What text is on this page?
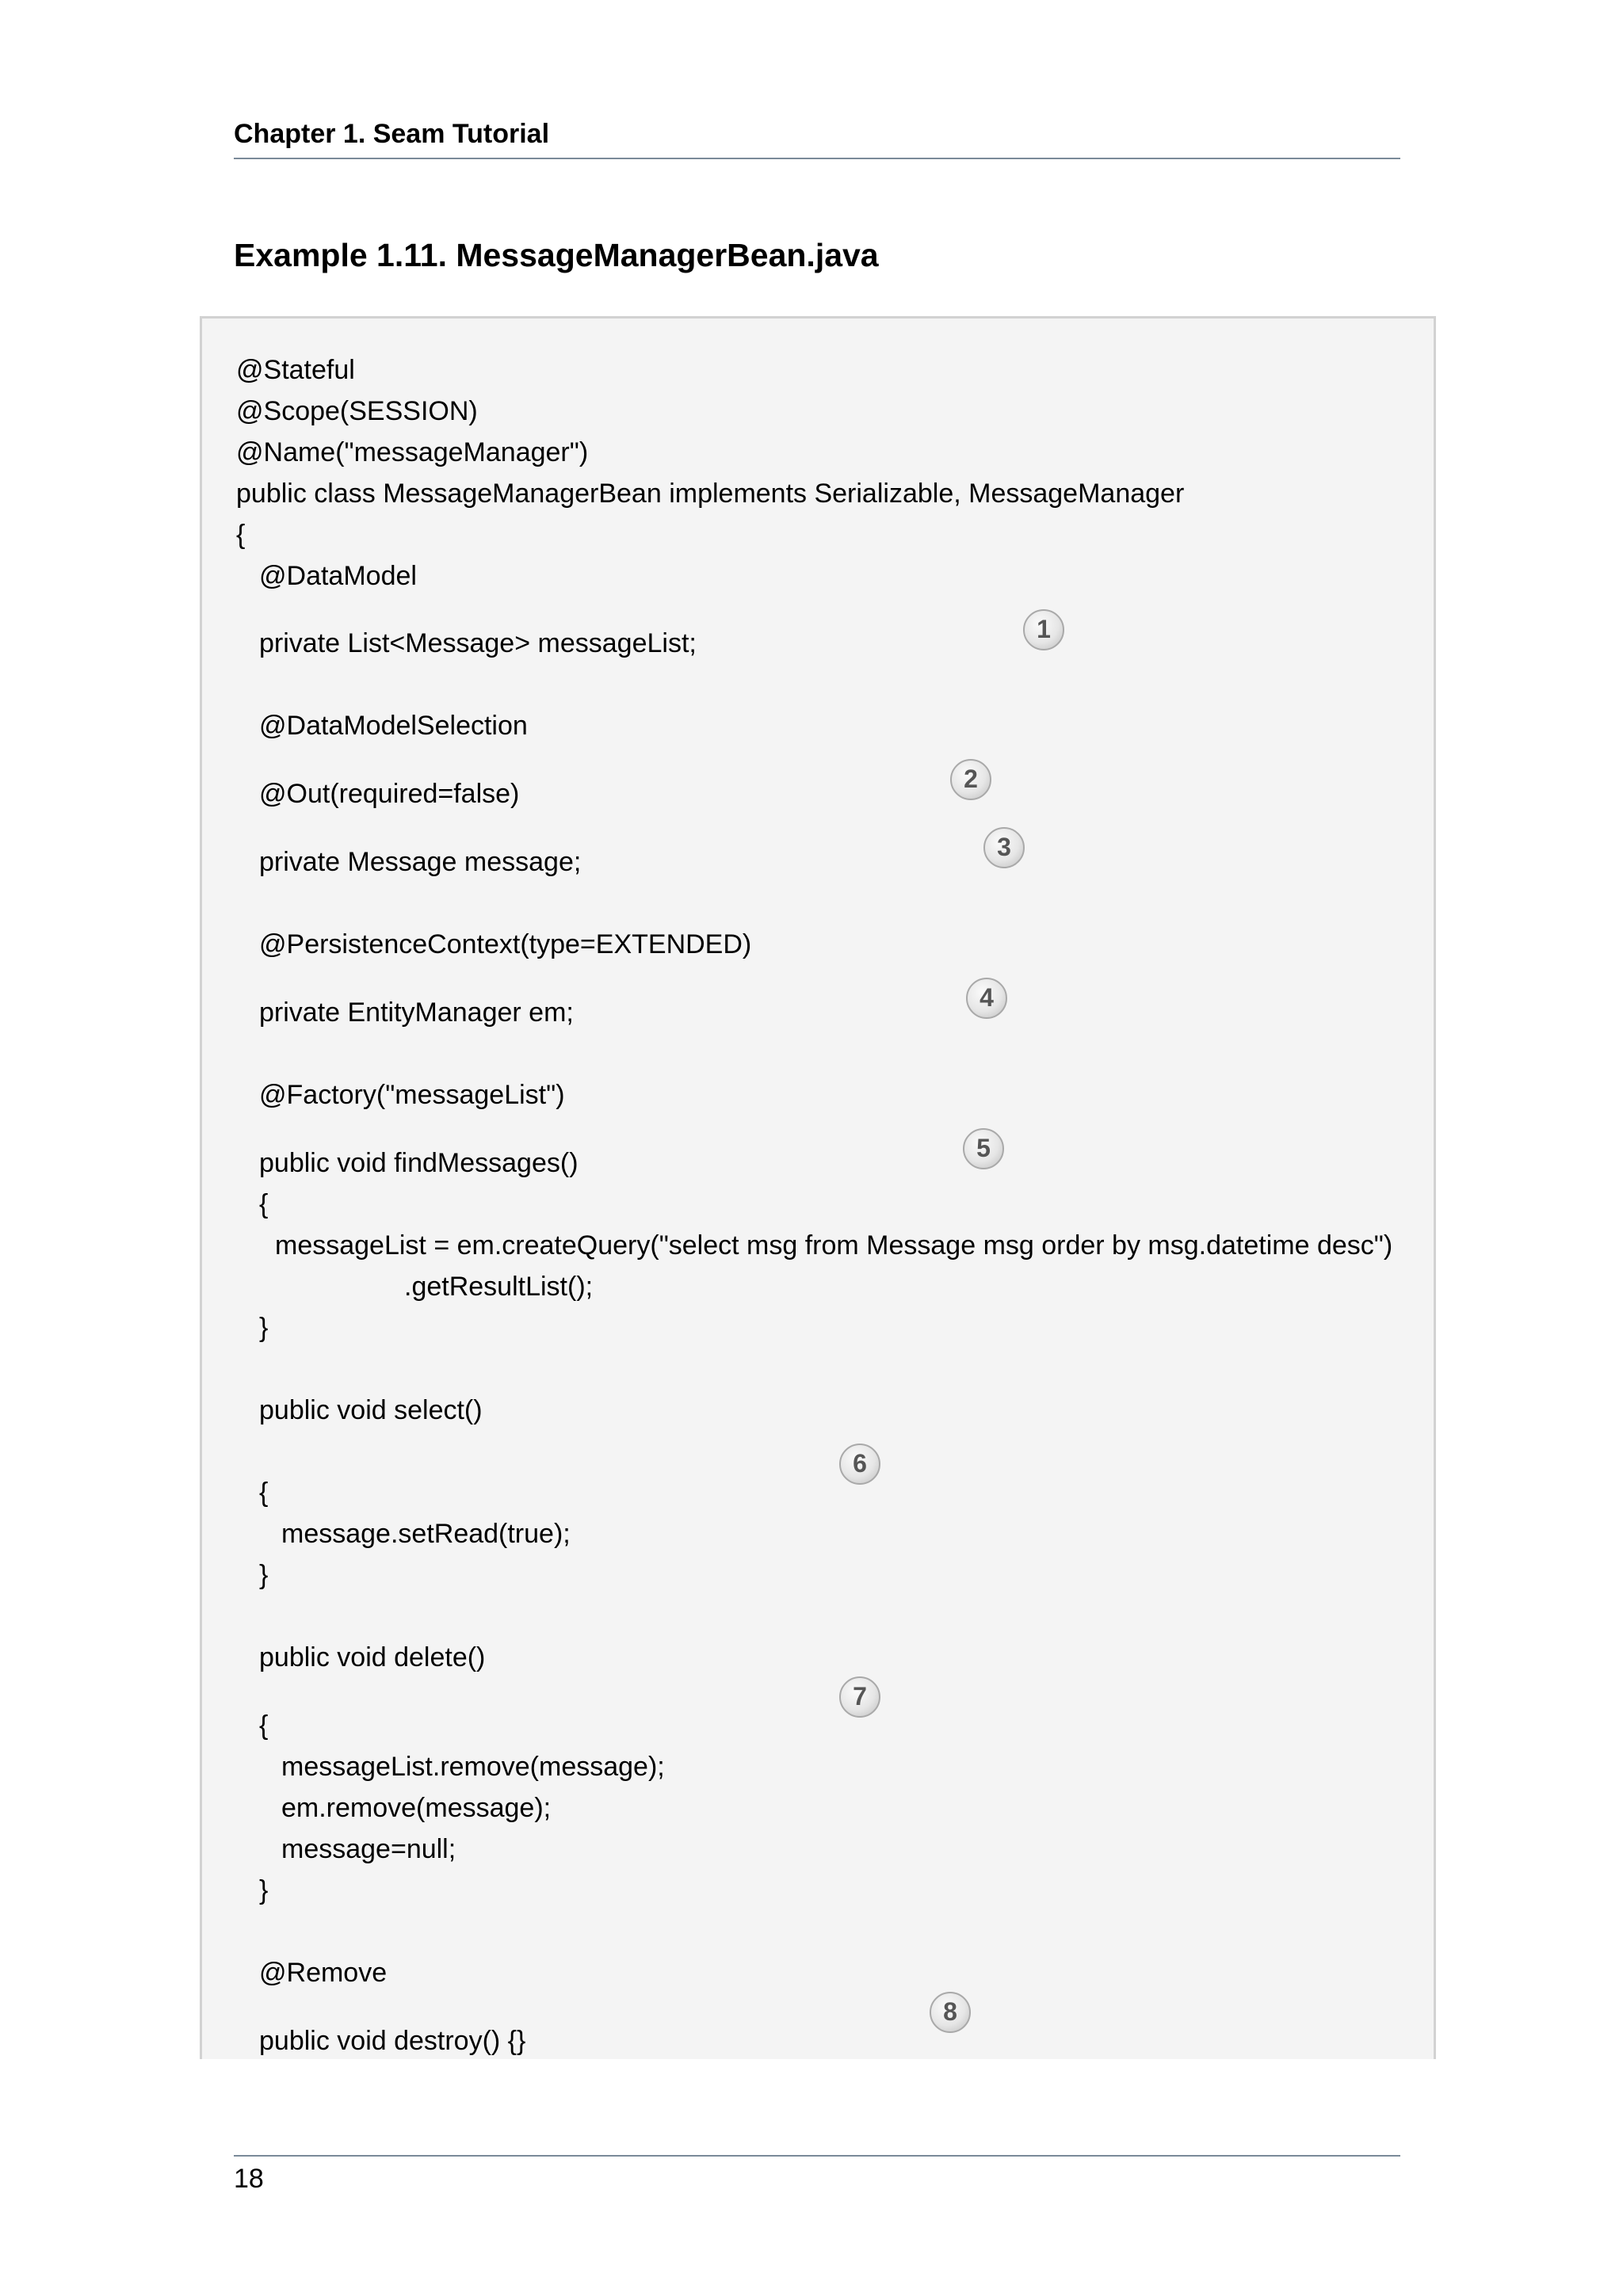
Chapter 1. Seam Tutorial
Example 1.11. MessageManagerBean.java
@Stateful
@Scope(SESSION)
@Name("messageManager")
public class MessageManagerBean implements Serializable, MessageManager
{
@DataModel
private List<Message> messageList;
@DataModelSelection
@Out(required=false)
private Message message;
@PersistenceContext(type=EXTENDED)
private EntityManager em;
@Factory("messageList")
public void findMessages()
{
messageList = em.createQuery("select msg from Message msg order by msg.datetime desc")
.getResultList();
}
public void select()
{
message.setRead(true);
}
public void delete()
{
messageList.remove(message);
em.remove(message);
message=null;
}
@Remove
public void destroy() {}
1
2
3
4
5
6
7
8
18
